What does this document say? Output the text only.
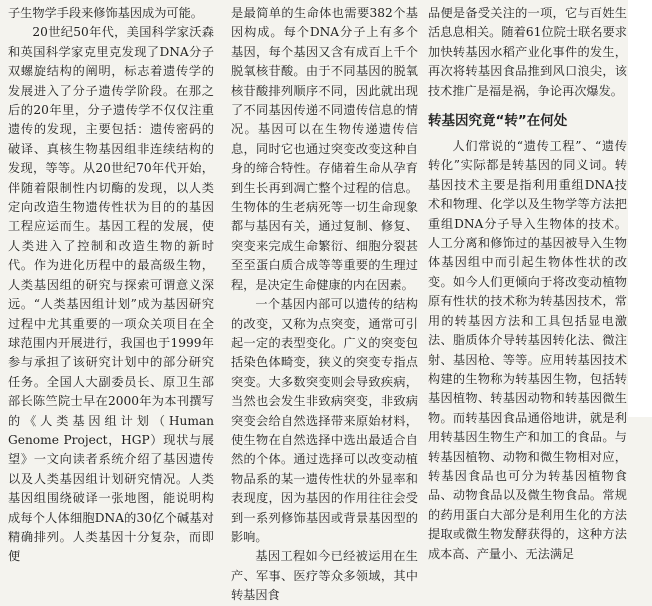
子生物学手段来修饰基因成为可能。

20世纪50年代，美国科学家沃森和英国科学家克里克发现了DNA分子双螺旋结构的阐明，标志着遗传学的发展进入了分子遗传学阶段。在那之后的20年里，分子遗传学不仅仅注重遗传的发现，主要包括：遗传密码的破译、真核生物基因组非连续结构的发现，等等。从20世纪70年代开始，伴随着限制性内切酶的发现，以人类定向改造生物遗传性状为目的的基因工程应运而生。基因工程的发展，使人类进入了控制和改造生物的新时代。作为进化历程中的最高级生物，人类基因组的研究与探索可谓意义深远。“人类基因组计划”成为基因研究过程中尤其重要的一项众关项目在全球范围内开展进行，我国也于1999年参与承担了该研究计划中的部分研究任务。全国人大副委员长、原卫生部部长陈竺院士早在2000年为本刊撰写的《人类基因组计划（Human Genome Project，HGP）现状与展望》一文向读者系统介绍了基因遗传以及人类基因组计划研究情况。人类基因组围绕破译一张地图，能说明构成每个人体细胞DNA的30亿个碱基对精确排列。人类基因十分复杂，而即便

是最简单的生命体也需要382个基因构成。每个DNA分子上有多个基因，每个基因又含有成百上千个脱氧核苷酸。由于不同基因的脱氧核苷酸排列顺序不同，因此就出现了不同基因传递不同遗传信息的情况。基因可以在生物传递遗传信息，同时它也通过突变改变这种自身的缔合特性。存储着生命从孕育到生长再到凋亡整个过程的信息。生物体的生老病死等一切生命现象都与基因有关，通过复制、修复、突变来完成生命繁衍、细胞分裂甚至至蛋白质合成等等重要的生理过程，是决定生命健康的内在因素。

一个基因内部可以遗传的结构的改变，又称为点突变，通常可引起一定的表型变化。广义的突变包括染色体畸变，狭义的突变专指点突变。大多数突变则会导致疾病，当然也会发生非致病突变，非致病突变会给自然选择带来原始材料，使生物在自然选择中选出最适合自然的个体。通过选择可以改变动植物品系的某一遗传性状的外显率和表现度，因为基因的作用往往会受到一系列修饰基因或背景基因型的影响。

基因工程如今已经被运用在生产、军事、医疗等众多领域，其中转基因食

品便是备受关注的一项，它与百姓生活息息相关。随着61位院士联名要求加快转基因水稻产业化事件的发生，再次将转基因食品推到风口浪尖，该技术推广是福是祸，争论再次爆发。

转基因究竟“转”在何处

人们常说的“遗传工程”、“遗传转化”实际都是转基因的同义词。转基因技术主要是指利用重组DNA技术和物理、化学以及生物学等方法把重组DNA分子导入生物体的技术。人工分离和修饰过的基因被导入生物体基因组中而引起生物体性状的改变。如今人们更倾向于将改变动植物原有性状的技术称为转基因技术，常用的转基因方法和工具包括显电激法、脂质体介导转基因转化法、微注射、基因枪、等等。应用转基因技术构建的生物称为转基因生物，包括转基因植物、转基因动物和转基因微生物。而转基因食品通俗地讲，就是利用转基因生物生产和加工的食品。与转基因植物、动物和微生物相对应，转基因食品也可分为转基因植物食品、动物食品以及微生物食品。常规的药用蛋白大部分是利用生化的方法提取或微生物发酵获得的，这种方法成本高、产量小、无法满足
